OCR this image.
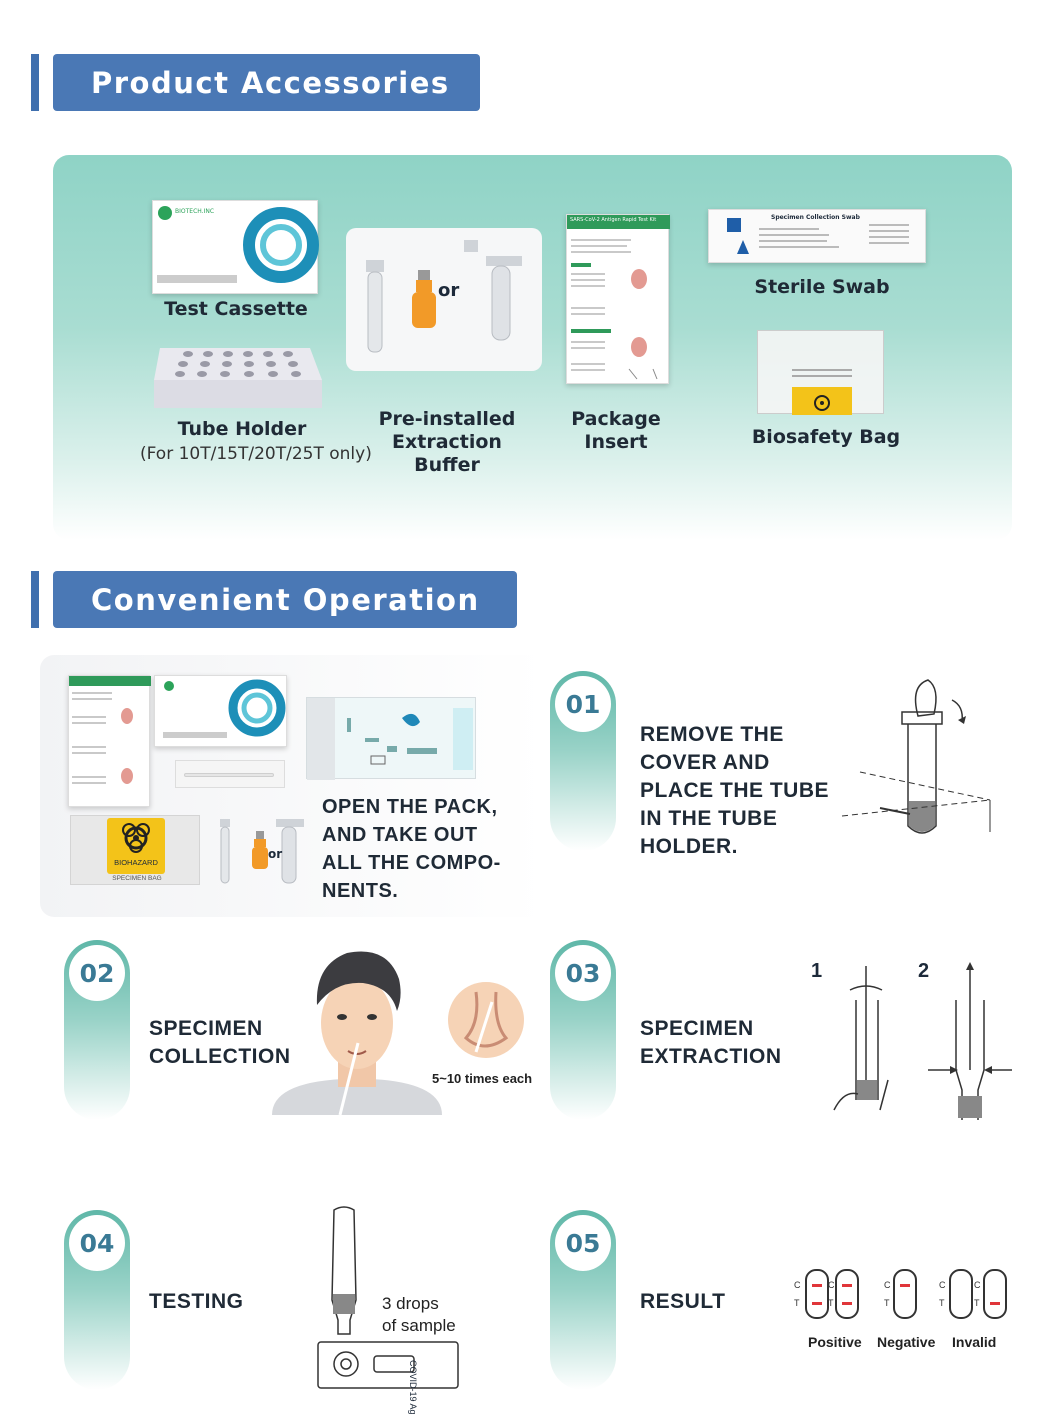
Product Accessories
BIOTECH.INC
Test Cassette
Tube Holder
(For 10T/15T/20T/25T only)
or
Pre-installed
Extraction Buffer
SARS-CoV-2 Antigen Rapid Test Kit
Package
Insert
Specimen Collection Swab
Sterile Swab
Biosafety Bag
Convenient Operation
BIOHAZARD
SPECIMEN BAG
or
OPEN THE PACK,
AND TAKE OUT
ALL THE COMPO-
NENTS.
01
REMOVE THE
COVER AND
PLACE THE TUBE
IN THE TUBE
HOLDER.
02
SPECIMEN
COLLECTION
5~10 times each
03
SPECIMEN
EXTRACTION
1	2
04
TESTING	3 drops
of sample
COVID-19 Ag
05
RESULT
C
T
C
T
C
T
C
T
C
T
Positive Negative Invalid
